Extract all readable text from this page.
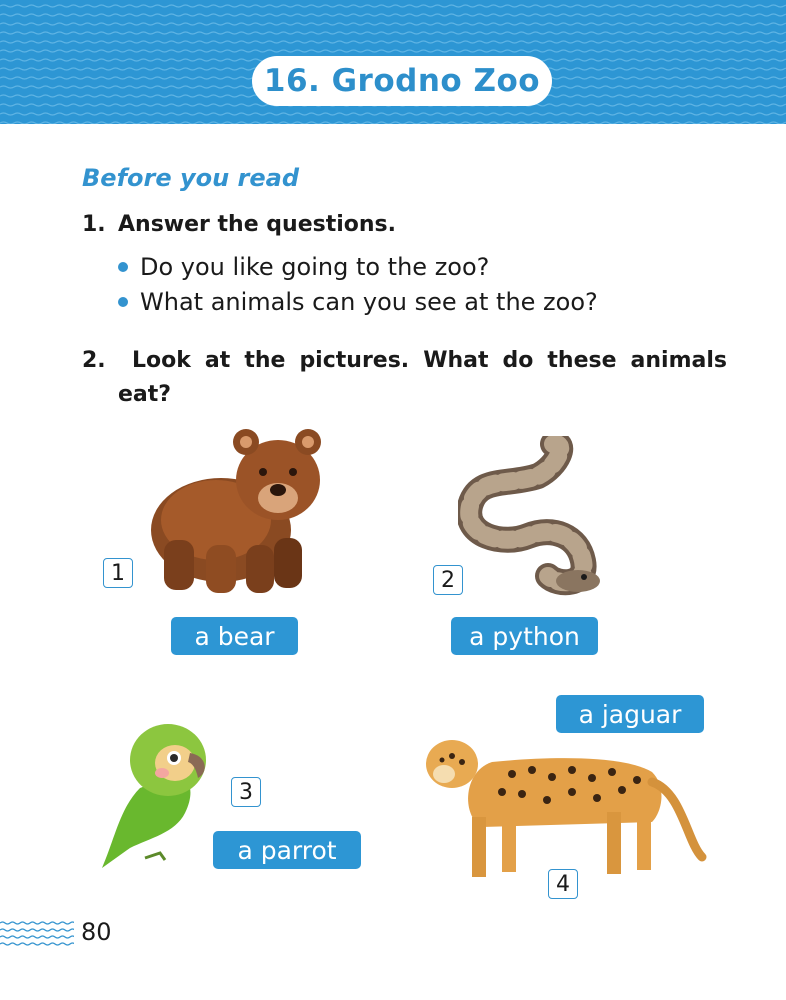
16. Grodno Zoo
Before you read
1. Answer the questions.
Do you like going to the zoo?
What animals can you see at the zoo?
2.	Look at the pictures. What do these animals
eat?
1
a bear
2
a python
3
a parrot
a jaguar
4
80
